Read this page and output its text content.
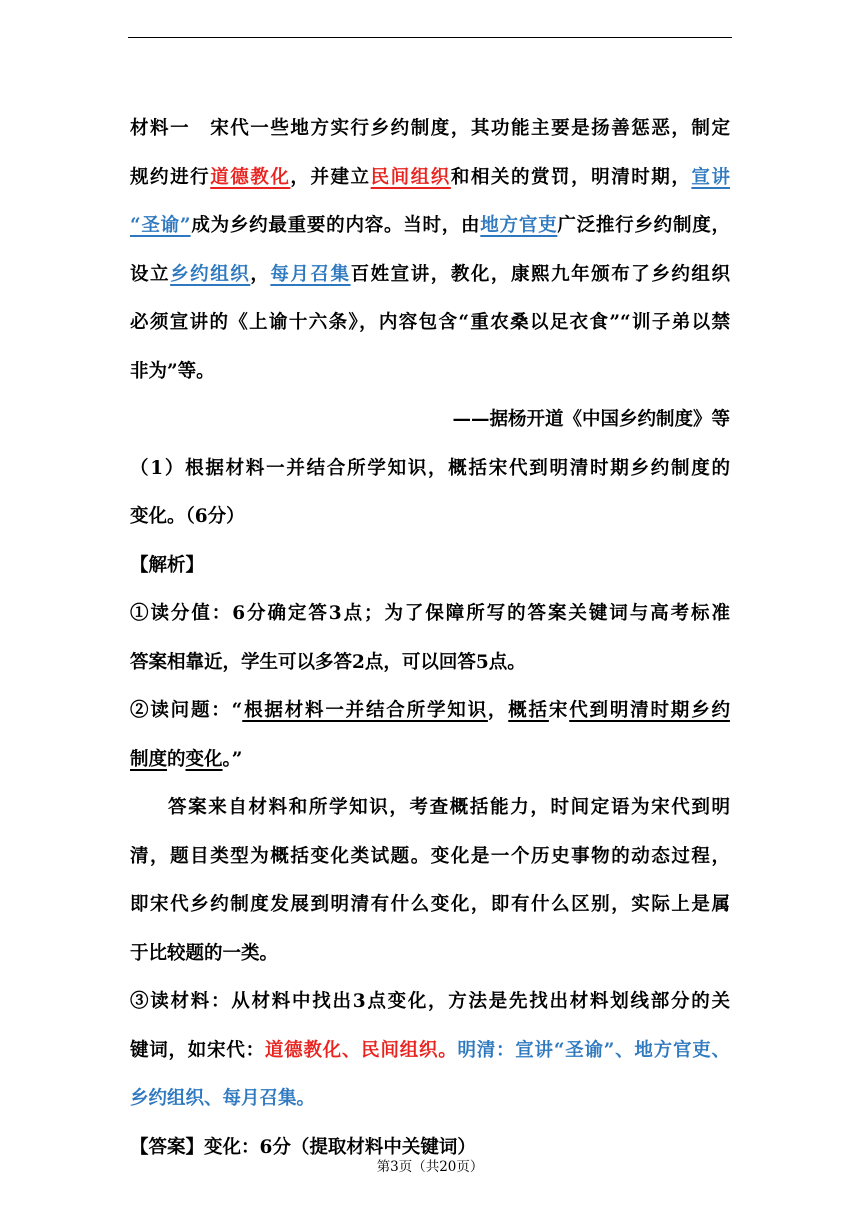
材料一　宋代一些地方实行乡约制度，其功能主要是扬善惩恶，制定
规约进行道德教化，并建立民间组织和相关的赏罚，明清时期，宣讲
“圣谕”成为乡约最重要的内容。当时，由地方官吏广泛推行乡约制度，
设立乡约组织，每月召集百姓宣讲，教化，康熙九年颁布了乡约组织
必须宣讲的《上谕十六条》，内容包含“重农桑以足衣食”“训子弟以禁
非为”等。
——据杨开道《中国乡约制度》等
（1）根据材料一并结合所学知识，概括宋代到明清时期乡约制度的
变化。（6分）
【解析】
①读分值：6分确定答3点；为了保障所写的答案关键词与高考标准
答案相靠近，学生可以多答2点，可以回答5点。
②读问题：“根据材料一并结合所学知识，概括宋代到明清时期乡约
制度的变化。”
答案来自材料和所学知识，考查概括能力，时间定语为宋代到明
清，题目类型为概括变化类试题。变化是一个历史事物的动态过程，
即宋代乡约制度发展到明清有什么变化，即有什么区别，实际上是属
于比较题的一类。
③读材料：从材料中找出3点变化，方法是先找出材料划线部分的关
键词，如宋代：道德教化、民间组织。明清：宣讲“圣谕”、地方官吏、
乡约组织、每月召集。
【答案】变化：6分（提取材料中关键词）
第3页（共20页）
